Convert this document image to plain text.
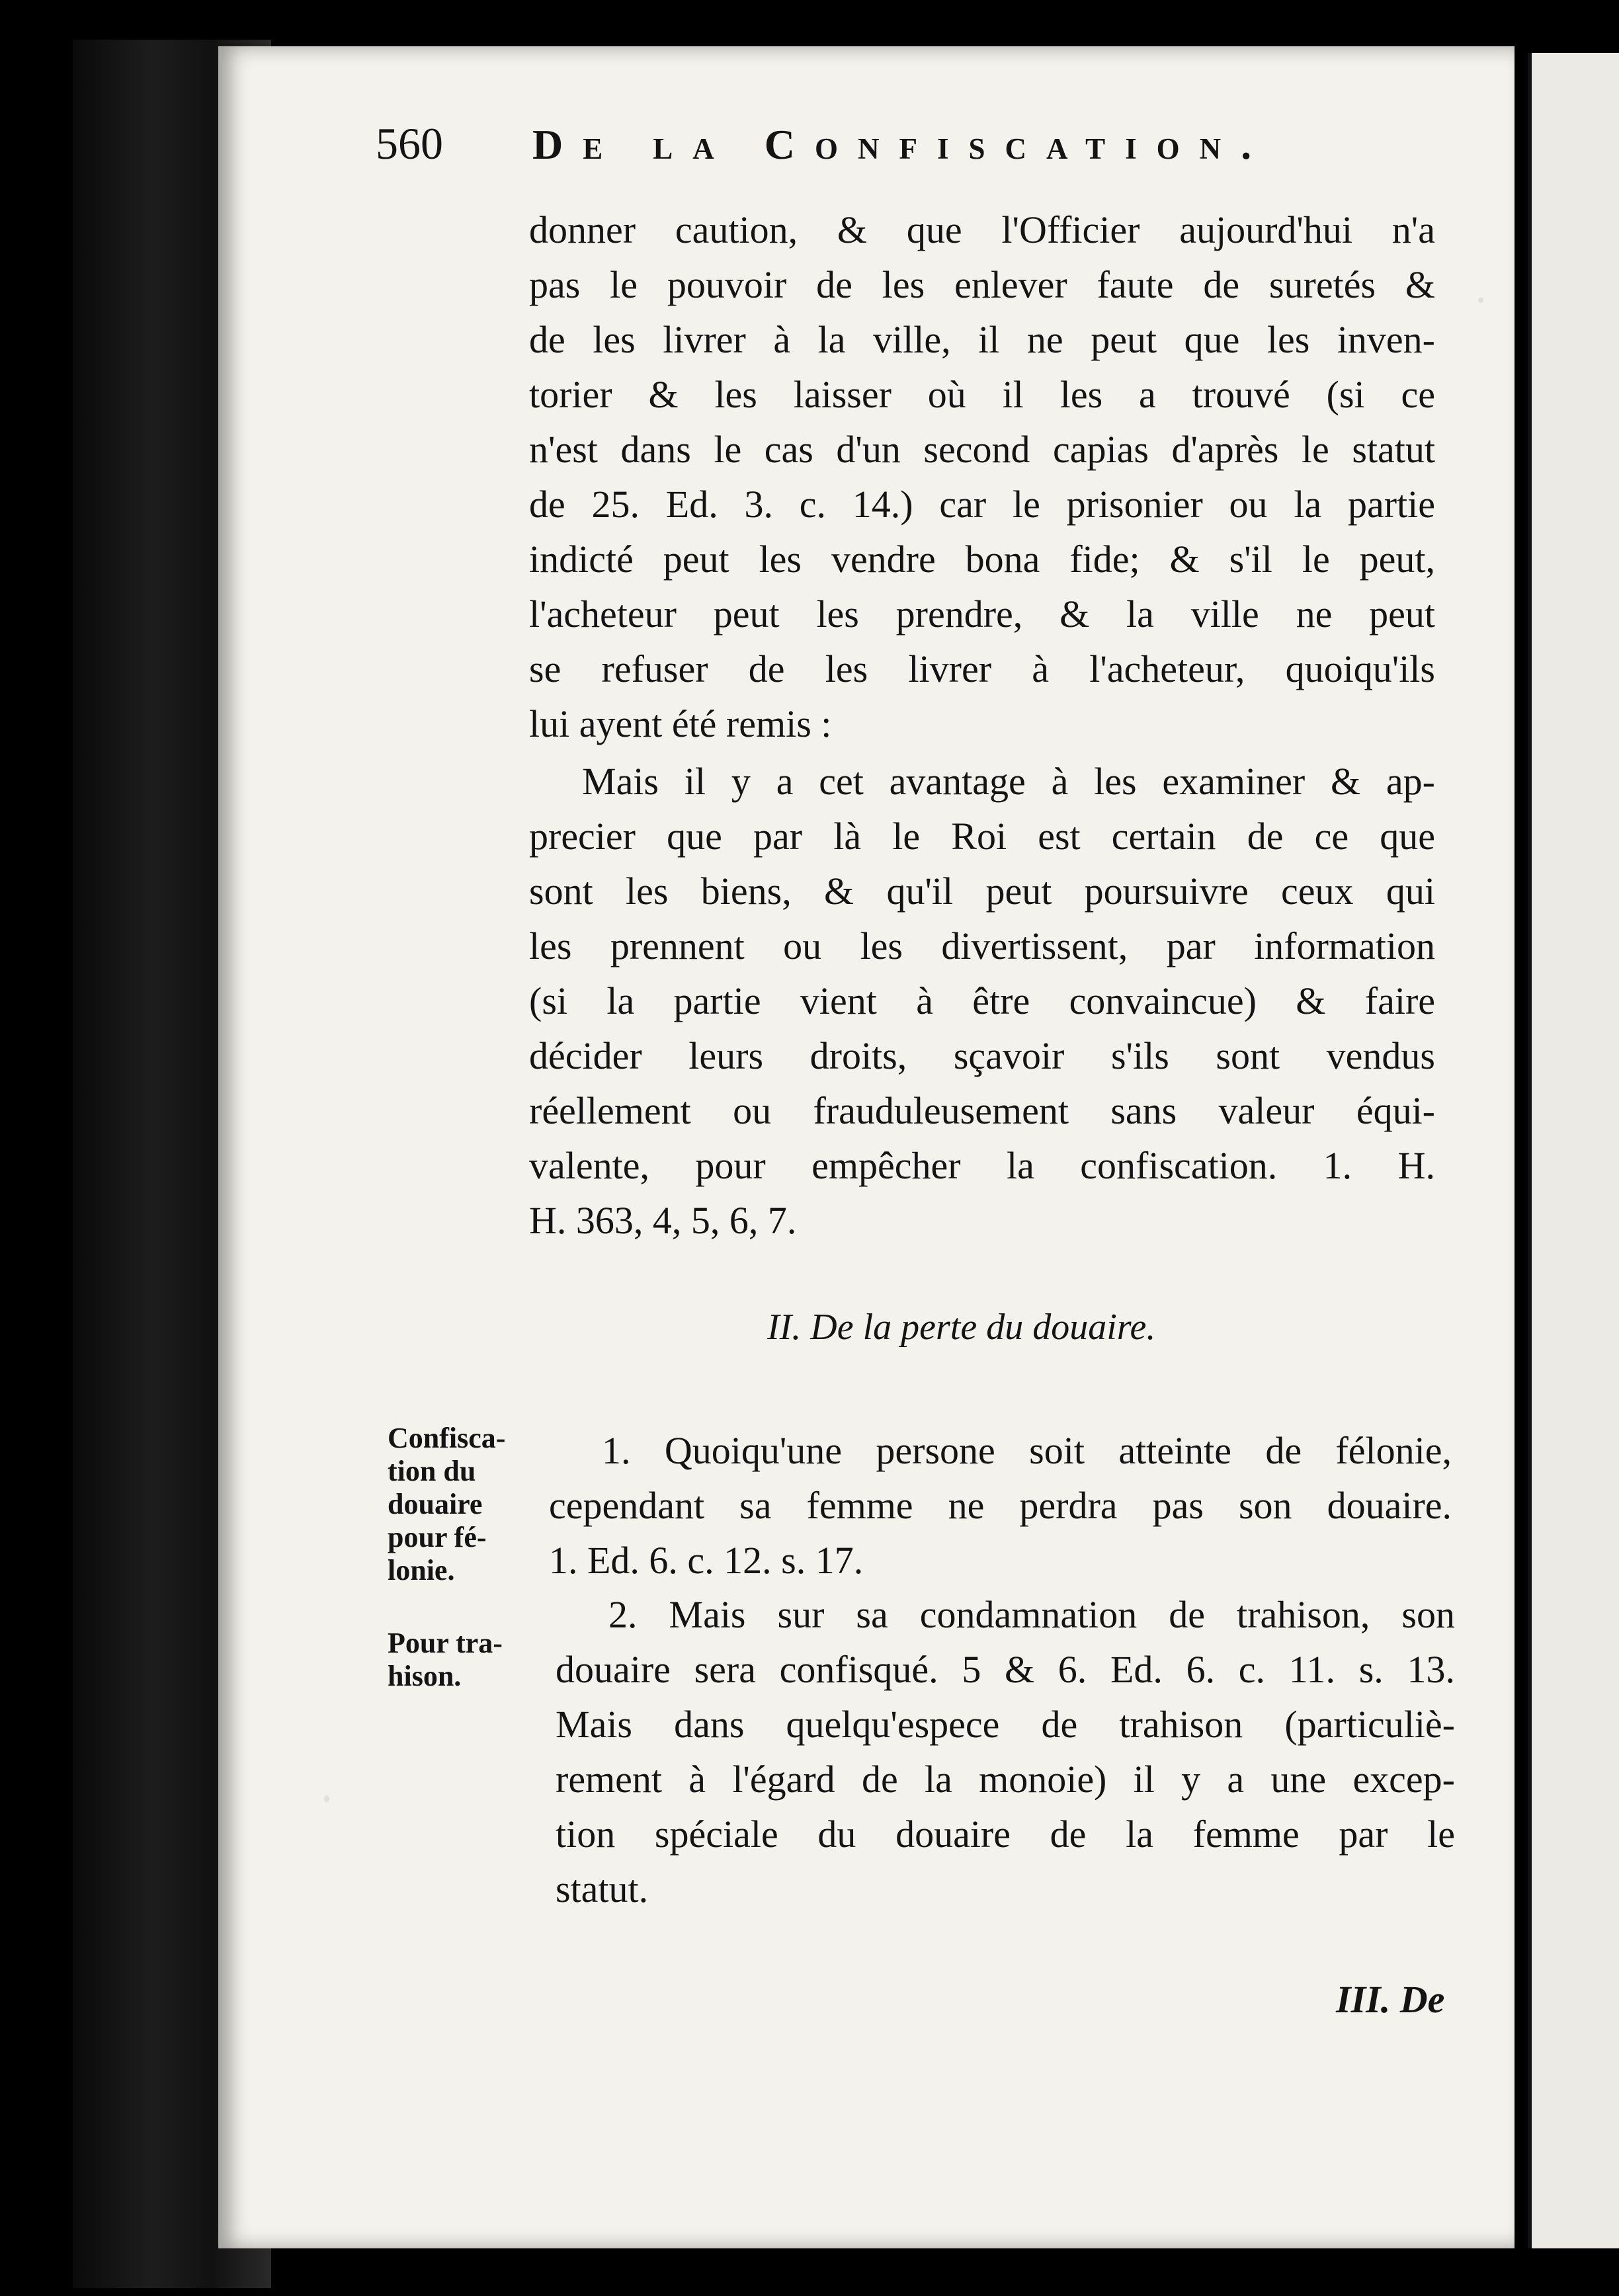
560 De la Confiscation.
donner caution, & que l'Officier aujourd'hui n'a
pas le pouvoir de les enlever faute de suretés &
de les livrer à la ville, il ne peut que les inven-
torier & les laisser où il les a trouvé (si ce
n'est dans le cas d'un second capias d'après le statut
de 25. Ed. 3. c. 14.) car le prisonier ou la partie
indicté peut les vendre bona fide; & s'il le peut,
l'acheteur peut les prendre, & la ville ne peut
se refuser de les livrer à l'acheteur, quoiqu'ils
lui ayent été remis :
Mais il y a cet avantage à les examiner & ap-
precier que par là le Roi est certain de ce que
sont les biens, & qu'il peut poursuivre ceux qui
les prennent ou les divertissent, par information
(si la partie vient à être convaincue) & faire
décider leurs droits, sçavoir s'ils sont vendus
réellement ou frauduleusement sans valeur équi-
valente, pour empêcher la confiscation. 1. H.
H. 363, 4, 5, 6, 7.
II. De la perte du douaire.
Confisca-
tion du
douaire
pour fé-
lonie.
Pour tra-
hison.
1. Quoiqu'une persone soit atteinte de félonie,
cependant sa femme ne perdra pas son douaire.
1. Ed. 6. c. 12. s. 17.
2. Mais sur sa condamnation de trahison, son
douaire sera confisqué. 5 & 6. Ed. 6. c. 11. s. 13.
Mais dans quelqu'espece de trahison (particuliè-
rement à l'égard de la monoie) il y a une excep-
tion spéciale du douaire de la femme par le
statut.
III. De
